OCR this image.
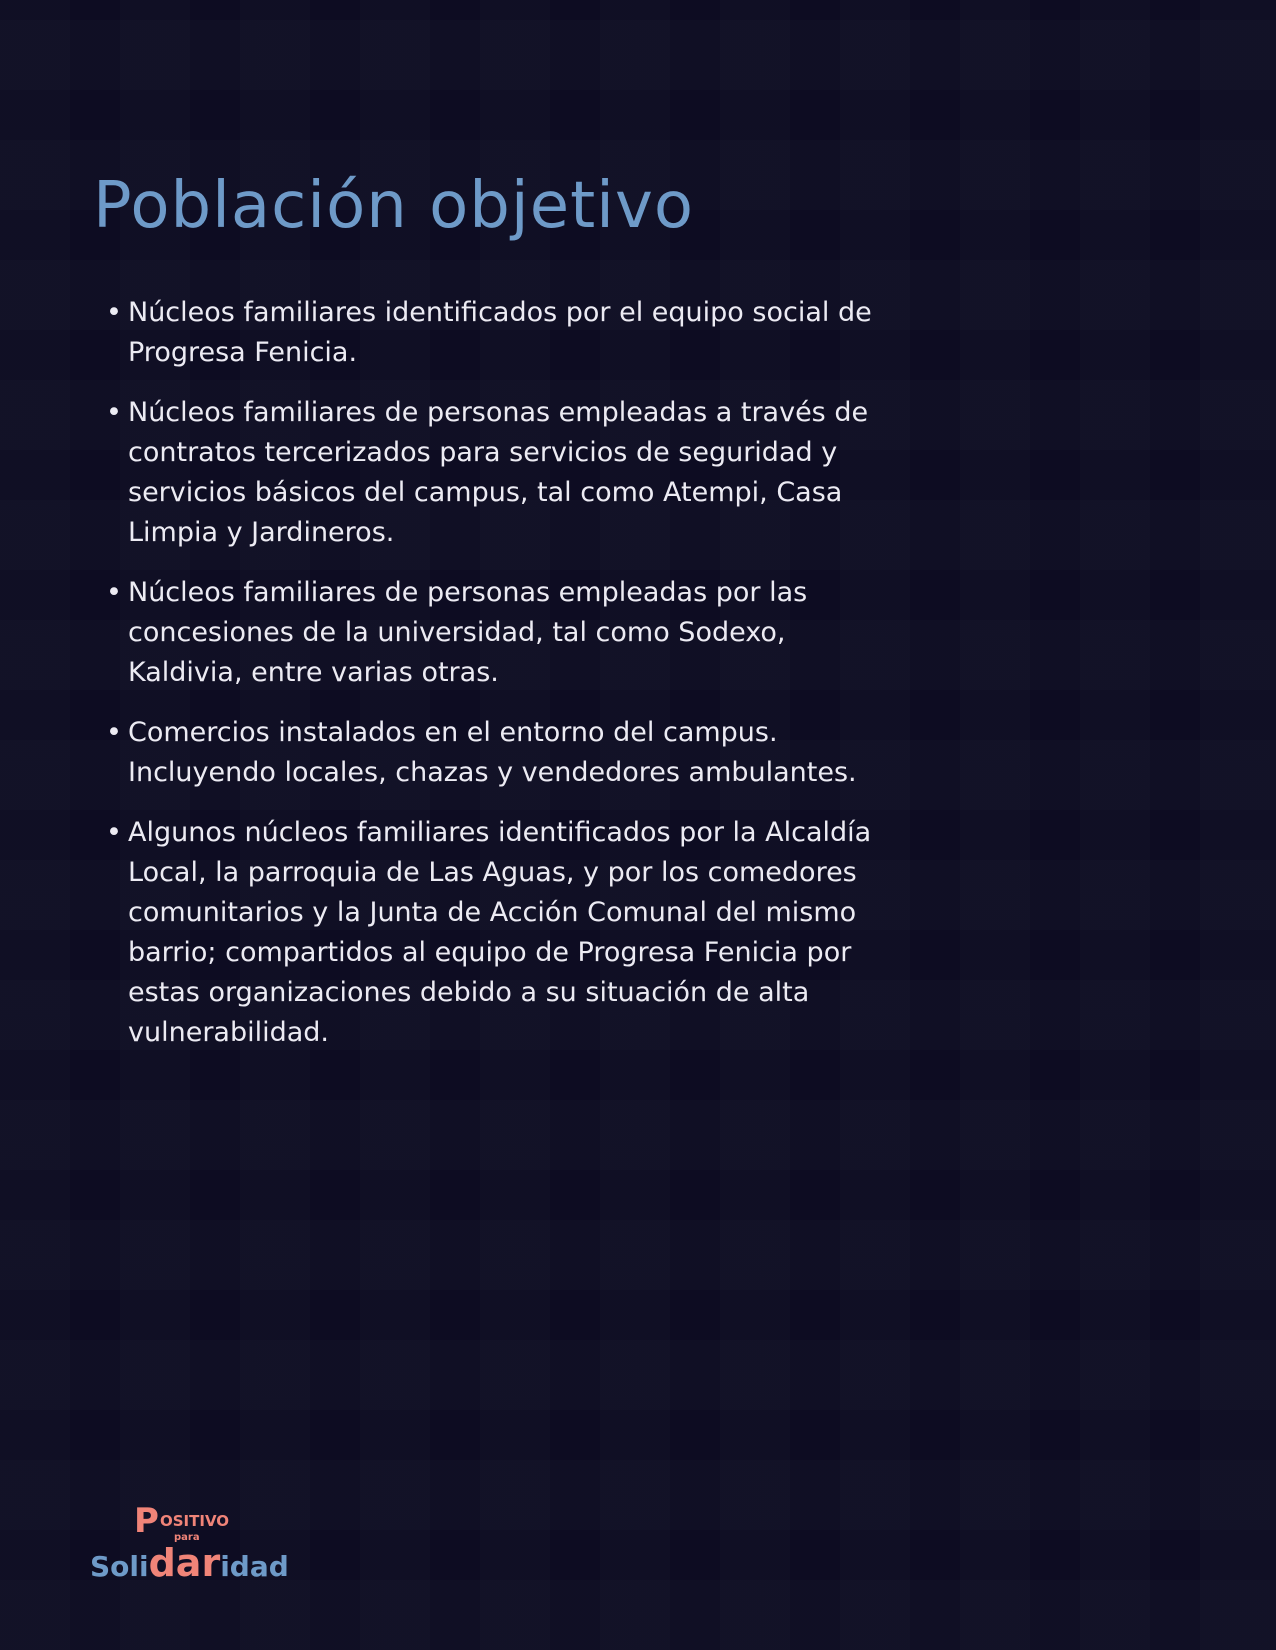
Población objetivo
• Núcleos familiares identificados por el equipo social de Progresa Fenicia.
• Núcleos familiares de personas empleadas a través de contratos tercerizados para servicios de seguridad y servicios básicos del campus, tal como Atempi, Casa Limpia y Jardineros.
• Núcleos familiares de personas empleadas por las concesiones de la universidad, tal como Sodexo, Kaldivia, entre varias otras.
• Comercios instalados en el entorno del campus. Incluyendo locales, chazas y vendedores ambulantes.
• Algunos núcleos familiares identificados por la Alcaldía Local, la parroquia de Las Aguas, y por los comedores comunitarios y la Junta de Acción Comunal del mismo barrio; compartidos al equipo de Progresa Fenicia por estas organizaciones debido a su situación de alta vulnerabilidad.
P OSITIVO
para
Solidaridad
